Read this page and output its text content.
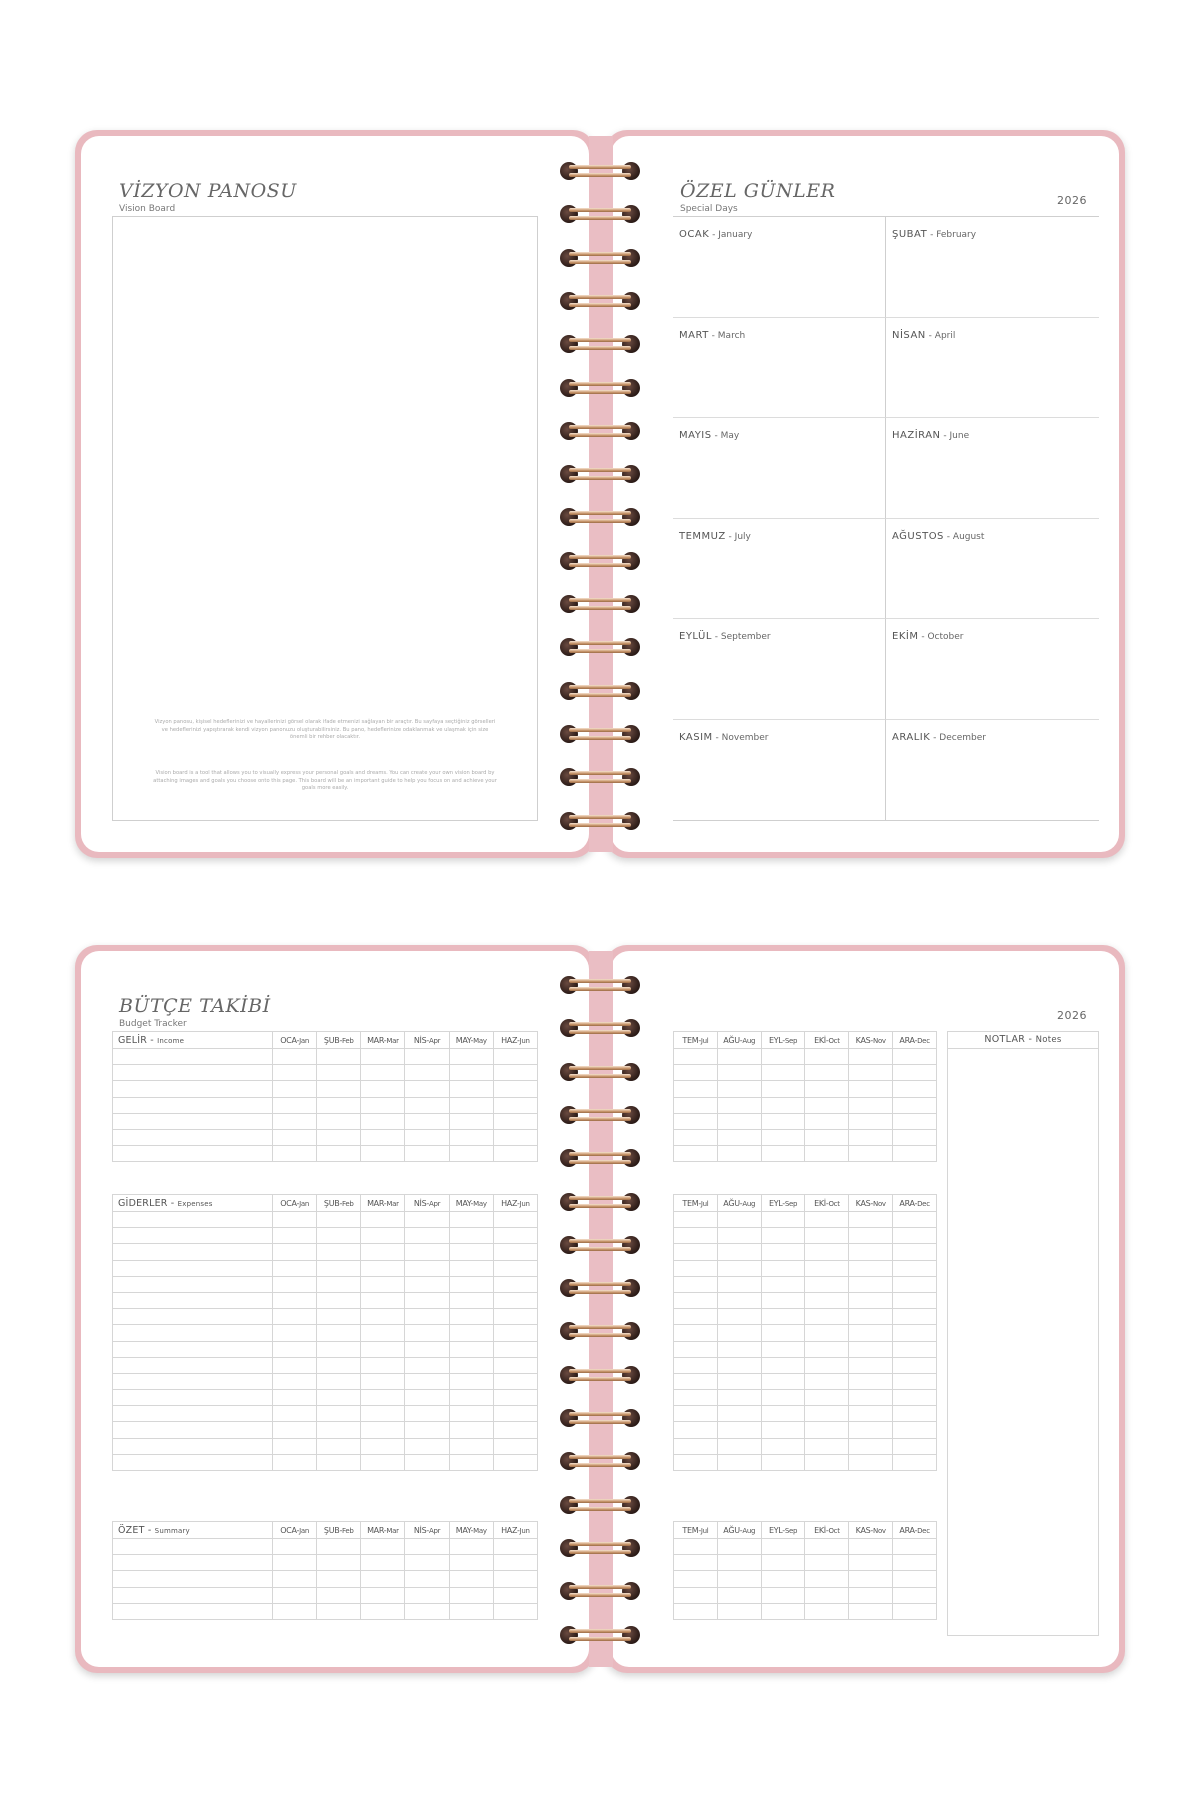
VİZYON PANOSU
Vision Board
Vizyon panosu, kişisel hedeflerinizi ve hayallerinizi görsel olarak ifade etmenizi sağlayan bir araçtır. Bu sayfaya seçtiğiniz görselleri ve hedeflerinizi yapıştırarak kendi vizyon panonuzu oluşturabilirsiniz. Bu pano, hedeflerinize odaklanmak ve ulaşmak için size önemli bir rehber olacaktır.
Vision board is a tool that allows you to visually express your personal goals and dreams. You can create your own vision board by attaching images and goals you choose onto this page. This board will be an important guide to help you focus on and achieve your goals more easily.
ÖZEL GÜNLER
Special Days
2026
OCAK - January	ŞUBAT - February
MART - March	NİSAN - April
MAYIS - May	HAZİRAN - June
TEMMUZ - July	AĞUSTOS - August
EYLÜL - September	EKİM - October
KASIM - November	ARALIK - December
BÜTÇE TAKİBİ
Budget Tracker
GELİR - Income	OCA-Jan	ŞUB-Feb	MAR-Mar	NİS-Apr	MAY-May	HAZ-Jun

GİDERLER - Expenses	OCA-Jan	ŞUB-Feb	MAR-Mar	NİS-Apr	MAY-May	HAZ-Jun

ÖZET - Summary	OCA-Jan	ŞUB-Feb	MAR-Mar	NİS-Apr	MAY-May	HAZ-Jun

2026
TEM-Jul	AĞU-Aug	EYL-Sep	EKİ-Oct	KAS-Nov	ARA-Dec

TEM-Jul	AĞU-Aug	EYL-Sep	EKİ-Oct	KAS-Nov	ARA-Dec

TEM-Jul	AĞU-Aug	EYL-Sep	EKİ-Oct	KAS-Nov	ARA-Dec

NOTLAR - Notes
